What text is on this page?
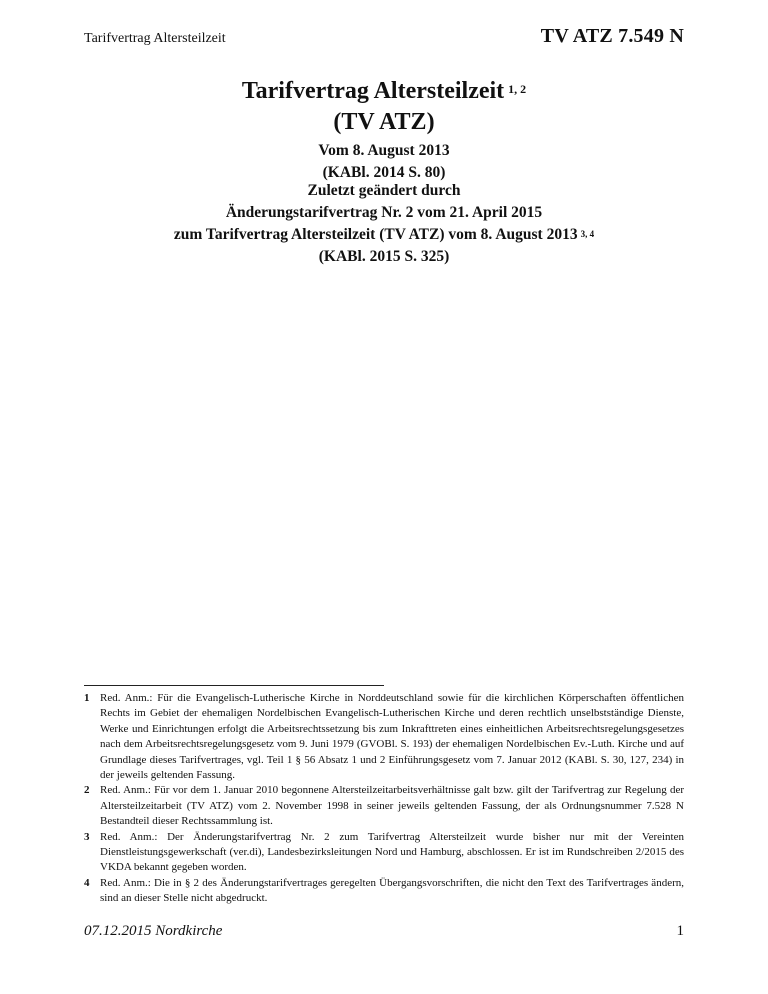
Tarifvertrag Altersteilzeit	TV ATZ 7.549 N
Tarifvertrag Altersteilzeit $^{1, 2}$
(TV ATZ)
Vom 8. August 2013
(KABl. 2014 S. 80)
Zuletzt geändert durch
Änderungstarifvertrag Nr. 2 vom 21. April 2015
zum Tarifvertrag Altersteilzeit (TV ATZ) vom 8. August 2013 $^{3, 4}$
(KABl. 2015 S. 325)
1 Red. Anm.: Für die Evangelisch-Lutherische Kirche in Norddeutschland sowie für die kirchlichen Körperschaften öffentlichen Rechts im Gebiet der ehemaligen Nordelbischen Evangelisch-Lutherischen Kirche und deren rechtlich unselbstständige Dienste, Werke und Einrichtungen erfolgt die Arbeitsrechtssetzung bis zum Inkrafttreten eines einheitlichen Arbeitsrechtsregelungsgesetzes nach dem Arbeitsrechtsregelungsgesetz vom 9. Juni 1979 (GVOBl. S. 193) der ehemaligen Nordelbischen Ev.-Luth. Kirche und auf Grundlage dieses Tarifvertrages, vgl. Teil 1 § 56 Absatz 1 und 2 Einführungsgesetz vom 7. Januar 2012 (KABl. S. 30, 127, 234) in der jeweils geltenden Fassung.
2 Red. Anm.: Für vor dem 1. Januar 2010 begonnene Altersteilzeitarbeitsverhältnisse galt bzw. gilt der Tarifvertrag zur Regelung der Altersteilzeitarbeit (TV ATZ) vom 2. November 1998 in seiner jeweils geltenden Fassung, der als Ordnungsnummer 7.528 N Bestandteil dieser Rechtssammlung ist.
3 Red. Anm.: Der Änderungstarifvertrag Nr. 2 zum Tarifvertrag Altersteilzeit wurde bisher nur mit der Vereinten Dienstleistungsgewerkschaft (ver.di), Landesbezirksleitungen Nord und Hamburg, abschlossen. Er ist im Rundschreiben 2/2015 des VKDA bekannt gegeben worden.
4 Red. Anm.: Die in § 2 des Änderungstarifvertrages geregelten Übergangsvorschriften, die nicht den Text des Tarifvertrages ändern, sind an dieser Stelle nicht abgedruckt.
07.12.2015 Nordkirche	1
